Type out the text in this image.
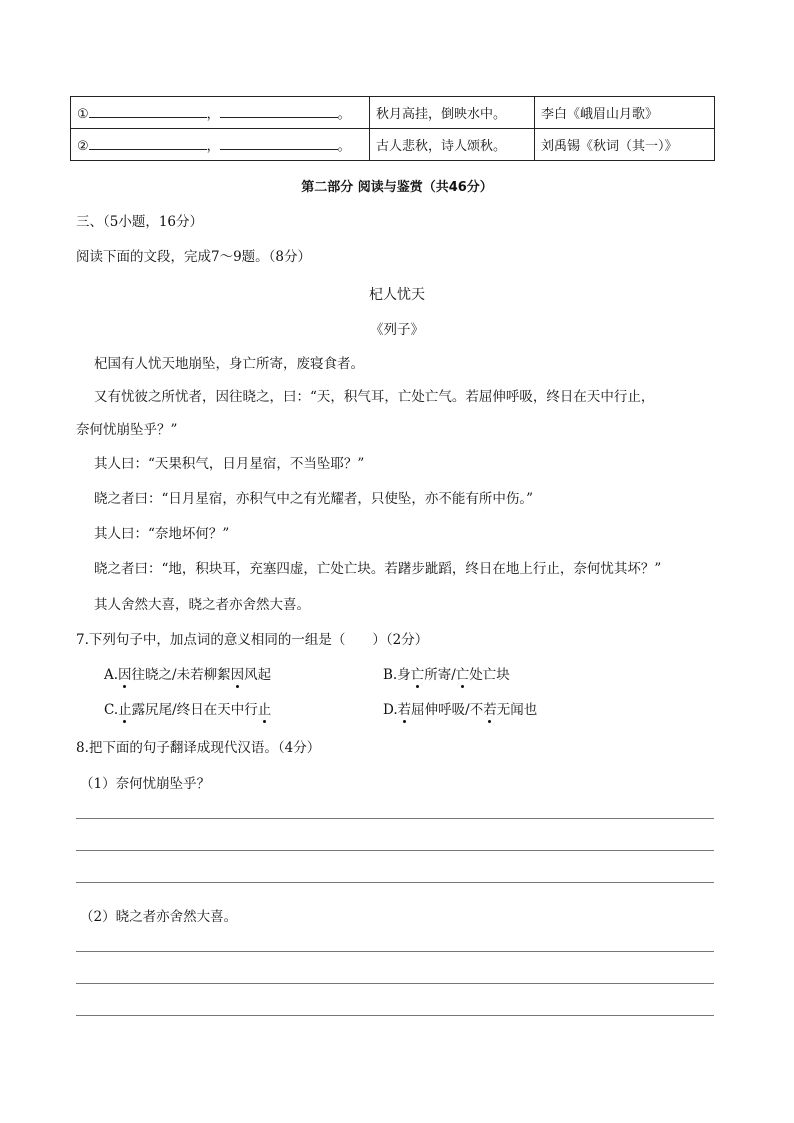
① ， 。	秋月高挂，倒映水中。	李白《峨眉山月歌》
② ， 。	古人悲秋，诗人颂秋。	刘禹锡《秋词（其一）》
第二部分 阅读与鉴赏（共46分）
三、（5小题，16分）
阅读下面的文段，完成7～9题。（8分）
杞人忧天
《列子》
杞国有人忧天地崩坠，身亡所寄，废寝食者。
又有忧彼之所忧者，因往晓之，曰：“天，积气耳，亡处亡气。若屈伸呼吸，终日在天中行止，
奈何忧崩坠乎？”
其人曰：“天果积气，日月星宿，不当坠耶？”
晓之者曰：“日月星宿，亦积气中之有光耀者，只使坠，亦不能有所中伤。”
其人曰：“奈地坏何？”
晓之者曰：“地，积块耳，充塞四虚，亡处亡块。若躇步跐蹈，终日在地上行止，奈何忧其坏？”
其人舍然大喜，晓之者亦舍然大喜。
7.下列句子中，加点词的意义相同的一组是（　　）（2分）
A.因往晓之/未若柳絮因风起	B.身亡所寄/亡处亡块
C.止露尻尾/终日在天中行止	D.若屈伸呼吸/不若无闻也
8.把下面的句子翻译成现代汉语。（4分）
（1）奈何忧崩坠乎？
（2）晓之者亦舍然大喜。
